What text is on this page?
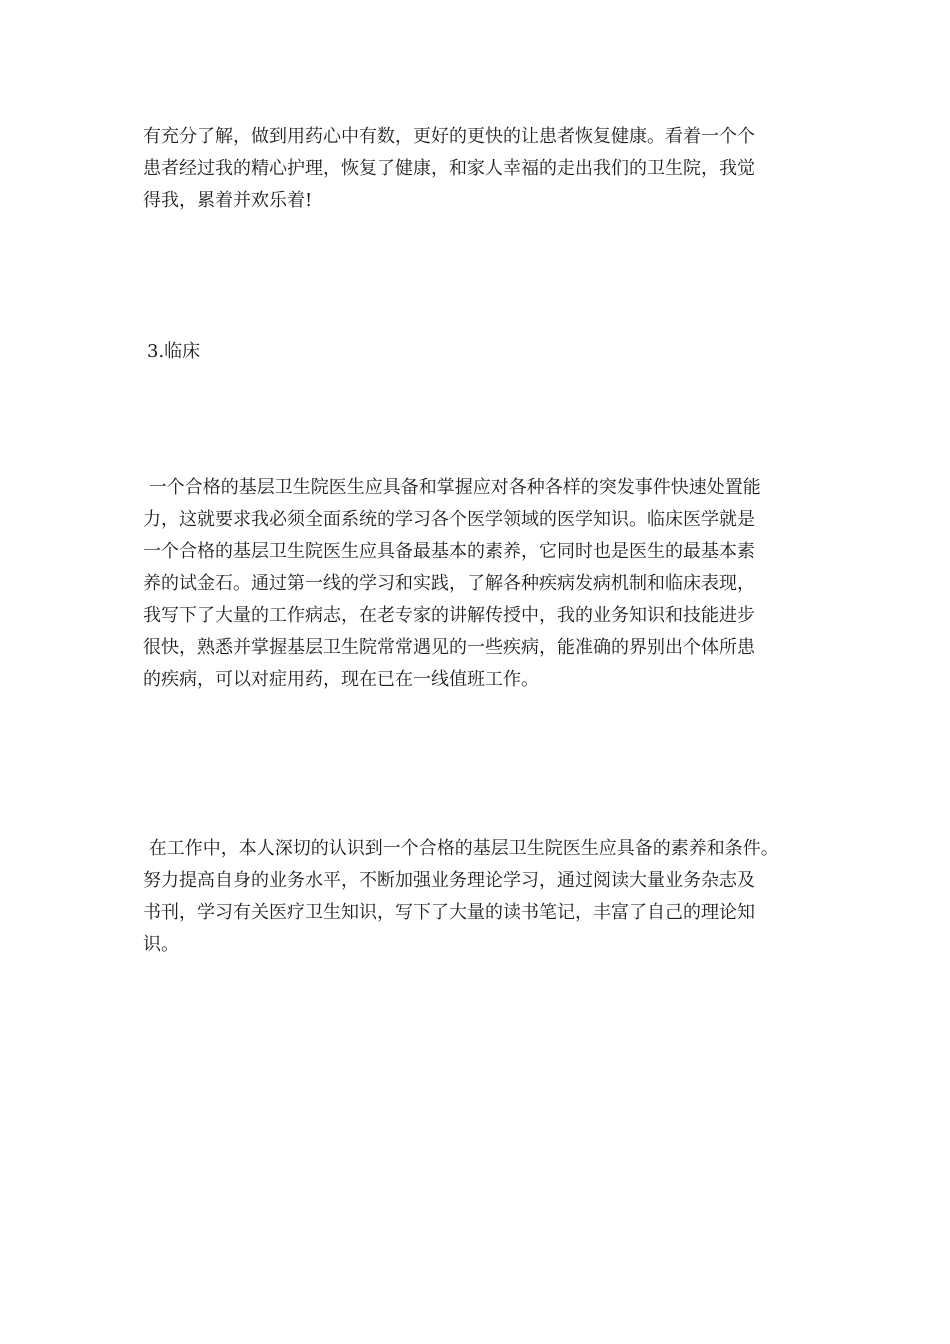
有充分了解，做到用药心中有数，更好的更快的让患者恢复健康。看着一个个
患者经过我的精心护理，恢复了健康，和家人幸福的走出我们的卫生院，我觉
得我，累着并欢乐着!
3.临床
一个合格的基层卫生院医生应具备和掌握应对各种各样的突发事件快速处置能
力，这就要求我必须全面系统的学习各个医学领域的医学知识。临床医学就是
一个合格的基层卫生院医生应具备最基本的素养，它同时也是医生的最基本素
养的试金石。通过第一线的学习和实践，了解各种疾病发病机制和临床表现，
我写下了大量的工作病志，在老专家的讲解传授中，我的业务知识和技能进步
很快，熟悉并掌握基层卫生院常常遇见的一些疾病，能准确的界别出个体所患
的疾病，可以对症用药，现在已在一线值班工作。
在工作中，本人深切的认识到一个合格的基层卫生院医生应具备的素养和条件。
努力提高自身的业务水平，不断加强业务理论学习，通过阅读大量业务杂志及
书刊，学习有关医疗卫生知识，写下了大量的读书笔记，丰富了自己的理论知
识。
